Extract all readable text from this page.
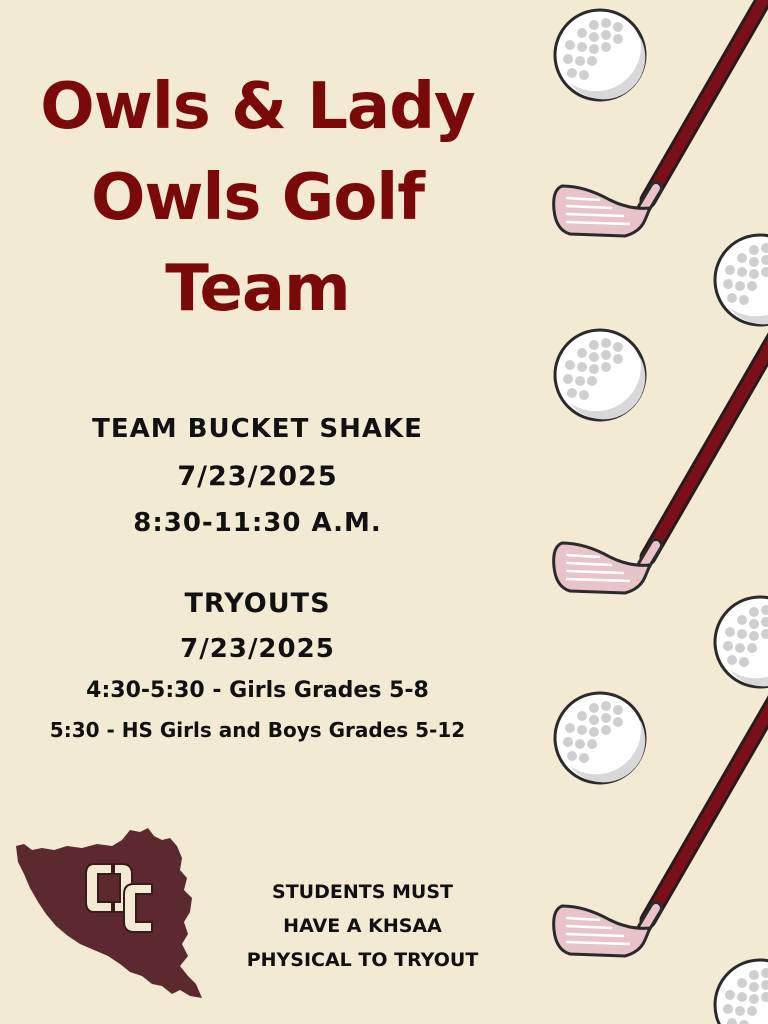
Owls & Lady
Owls Golf
Team
TEAM BUCKET SHAKE
7/23/2025
8:30-11:30 A.M.
TRYOUTS
7/23/2025
4:30-5:30 - Girls Grades 5-8
5:30 - HS Girls and Boys Grades 5-12
OC
STUDENTS MUST
HAVE A KHSAA
PHYSICAL TO TRYOUT
